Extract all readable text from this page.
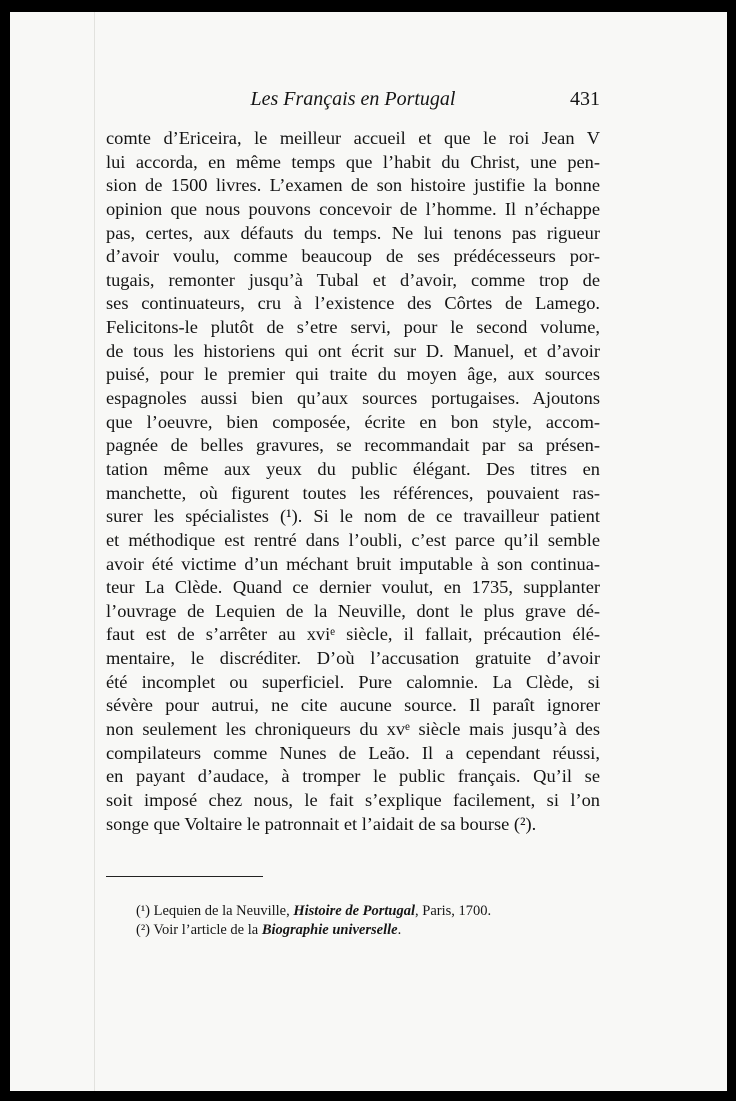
Les Français en Portugal	431
comte d’Ericeira, le meilleur accueil et que le roi Jean V
lui accorda, en même temps que l’habit du Christ, une pen-
sion de 1500 livres. L’examen de son histoire justifie la bonne
opinion que nous pouvons concevoir de l’homme. Il n’échappe
pas, certes, aux défauts du temps. Ne lui tenons pas rigueur
d’avoir voulu, comme beaucoup de ses prédécesseurs por-
tugais, remonter jusqu’à Tubal et d’avoir, comme trop de
ses continuateurs, cru à l’existence des Côrtes de Lamego.
Felicitons-le plutôt de s’etre servi, pour le second volume,
de tous les historiens qui ont écrit sur D. Manuel, et d’avoir
puisé, pour le premier qui traite du moyen âge, aux sources
espagnoles aussi bien qu’aux sources portugaises. Ajoutons
que l’oeuvre, bien composée, écrite en bon style, accom-
pagnée de belles gravures, se recommandait par sa présen-
tation même aux yeux du public élégant. Des titres en
manchette, où figurent toutes les références, pouvaient ras-
surer les spécialistes (¹). Si le nom de ce travailleur patient
et méthodique est rentré dans l’oubli, c’est parce qu’il semble
avoir été victime d’un méchant bruit imputable à son continua-
teur La Clède. Quand ce dernier voulut, en 1735, supplanter
l’ouvrage de Lequien de la Neuville, dont le plus grave dé-
faut est de s’arrêter au xviᵉ siècle, il fallait, précaution élé-
mentaire, le discréditer. D’où l’accusation gratuite d’avoir
été incomplet ou superficiel. Pure calomnie. La Clède, si
sévère pour autrui, ne cite aucune source. Il paraît ignorer
non seulement les chroniqueurs du xvᵉ siècle mais jusqu’à des
compilateurs comme Nunes de Leão. Il a cependant réussi,
en payant d’audace, à tromper le public français. Qu’il se
soit imposé chez nous, le fait s’explique facilement, si l’on
songe que Voltaire le patronnait et l’aidait de sa bourse (²).
(¹) Lequien de la Neuville, Histoire de Portugal, Paris, 1700.
(²) Voir l’article de la Biographie universelle.
